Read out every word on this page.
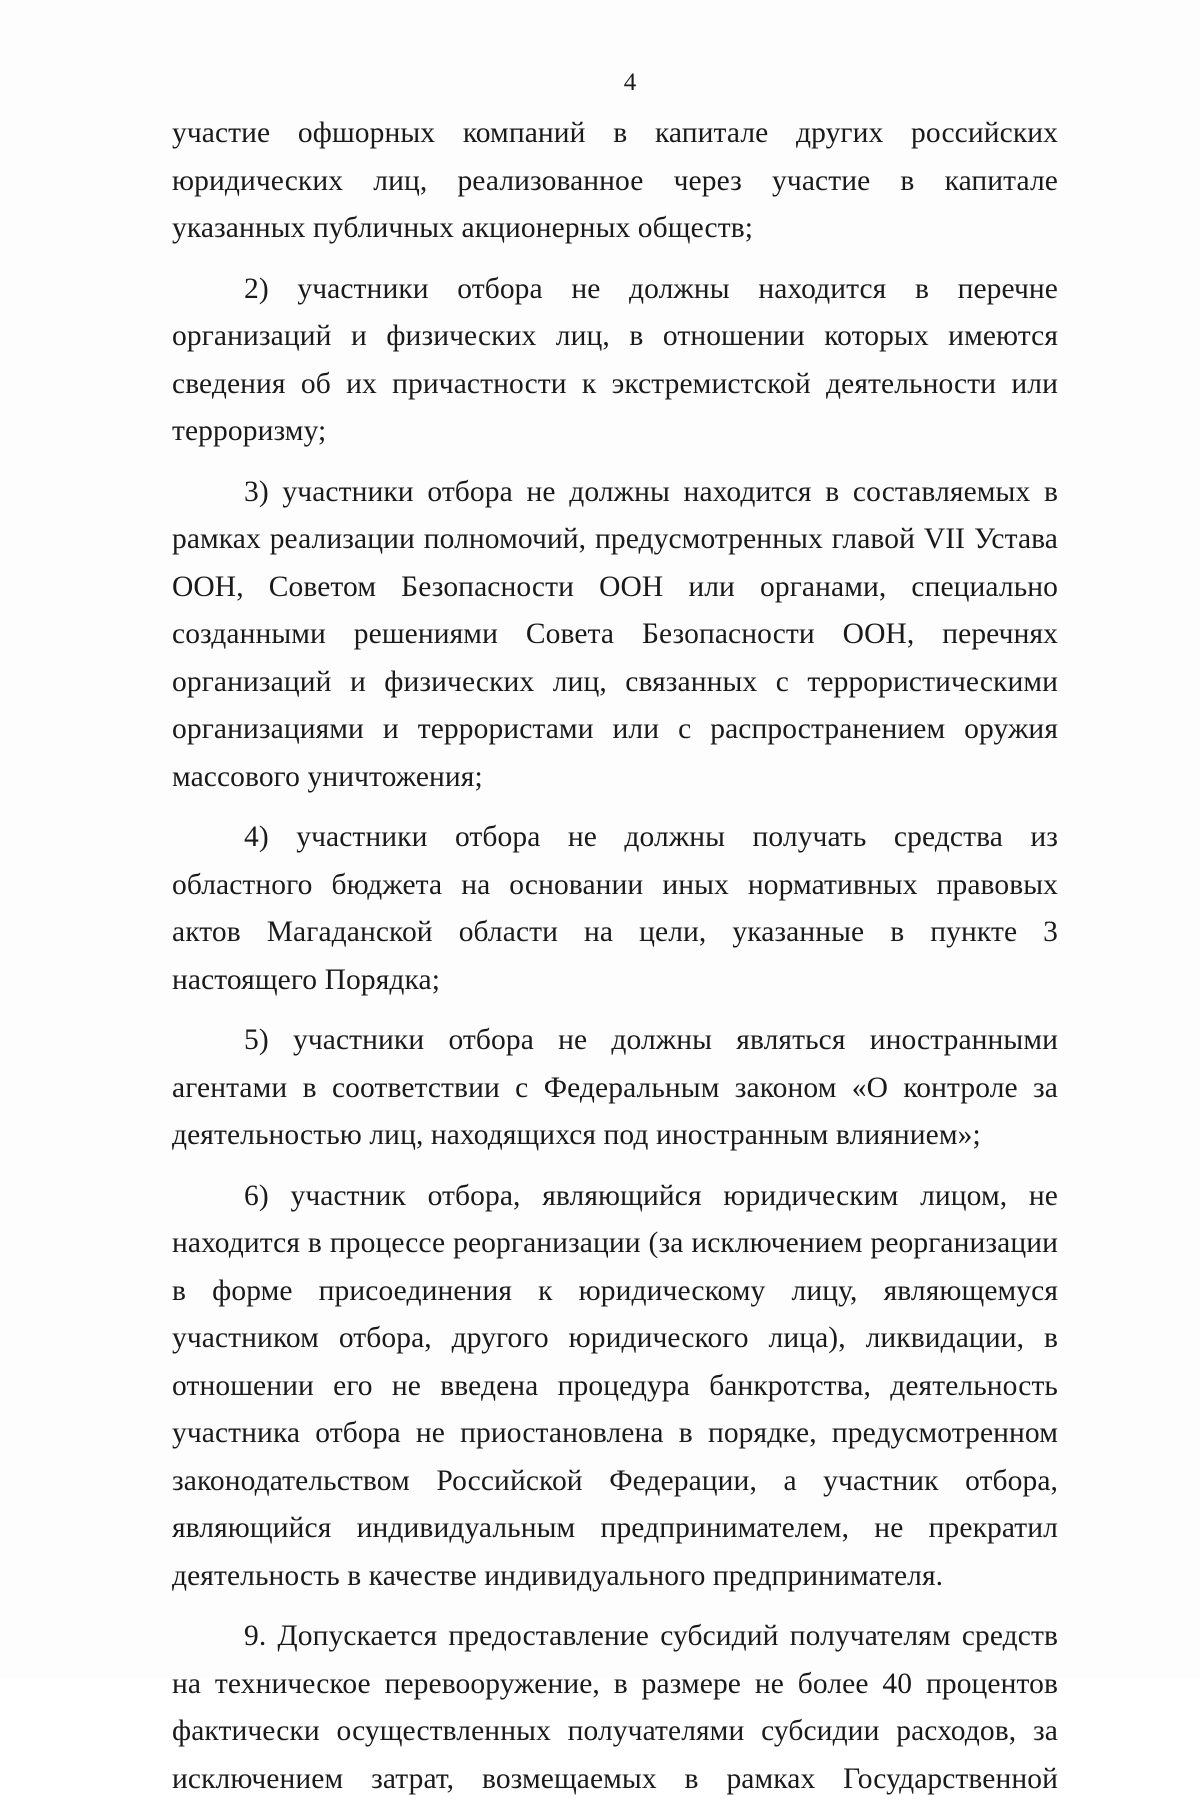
4

участие офшорных компаний в капитале других российских юридических лиц, реализованное через участие в капитале указанных публичных акционерных обществ;

2) участники отбора не должны находится в перечне организаций и физических лиц, в отношении которых имеются сведения об их причастности к экстремистской деятельности или терроризму;

3) участники отбора не должны находится в составляемых в рамках реализации полномочий, предусмотренных главой VII Устава ООН, Советом Безопасности ООН или органами, специально созданными решениями Совета Безопасности ООН, перечнях организаций и физических лиц, связанных с террористическими организациями и террористами или с распространением оружия массового уничтожения;

4) участники отбора не должны получать средства из областного бюджета на основании иных нормативных правовых актов Магаданской области на цели, указанные в пункте 3 настоящего Порядка;

5) участники отбора не должны являться иностранными агентами в соответствии с Федеральным законом «О контроле за деятельностью лиц, находящихся под иностранным влиянием»;

6) участник отбора, являющийся юридическим лицом, не находится в процессе реорганизации (за исключением реорганизации в форме присоединения к юридическому лицу, являющемуся участником отбора, другого юридического лица), ликвидации, в отношении его не введена процедура банкротства, деятельность участника отбора не приостановлена в порядке, предусмотренном законодательством Российской Федерации, а участник отбора, являющийся индивидуальным предпринимателем, не прекратил деятельность в качестве индивидуального предпринимателя.

9. Допускается предоставление субсидий получателям средств на техническое перевооружение, в размере не более 40 процентов фактически осуществленных получателями субсидии расходов, за исключением затрат, возмещаемых в рамках Государственной
